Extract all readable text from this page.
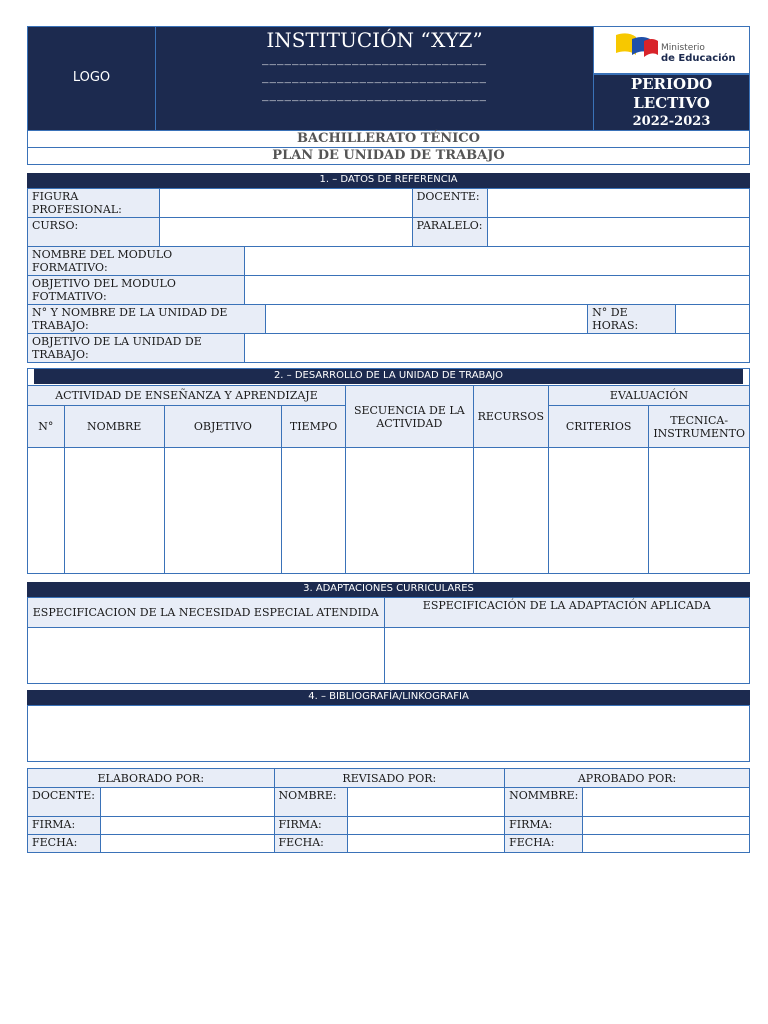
LOGO
INSTITUCIÓN “XYZ”
______________________________
______________________________
______________________________
Ministerio
de Educación
PERIODO
LECTIVO
2022-2023
BACHILLERATO TÉNICO
PLAN DE UNIDAD DE TRABAJO
1. – DATOS DE REFERENCIA
FIGURA PROFESIONAL:		DOCENTE:	
CURSO:		PARALELO:	
NOMBRE DEL MODULO FORMATIVO:	
OBJETIVO DEL MODULO FOTMATIVO:	
N° Y NOMBRE DE LA UNIDAD DE TRABAJO:		N° DE HORAS:	
OBJETIVO DE LA UNIDAD DE TRABAJO:	
2. – DESARROLLO DE LA UNIDAD DE TRABAJO
ACTIVIDAD DE ENSEÑANZA Y APRENDIZAJE				SECUENCIA DE LA ACTIVIDAD	RECURSOS	EVALUACIÓN	
N°	NOMBRE	OBJETIVO	TIEMPO			CRITERIOS	TECNICA-INSTRUMENTO

3. ADAPTACIONES CURRICULARES
ESPECIFICACION DE LA NECESIDAD ESPECIAL ATENDIDA	ESPECIFICACIÓN DE LA ADAPTACIÓN APLICADA

4. – BIBLIOGRAFÍA/LINKOGRAFIA
ELABORADO POR:		REVISADO POR:		APROBADO POR:	
DOCENTE:		NOMBRE:		NOMMBRE:	
FIRMA:		FIRMA:		FIRMA:	
FECHA:		FECHA:		FECHA:	
